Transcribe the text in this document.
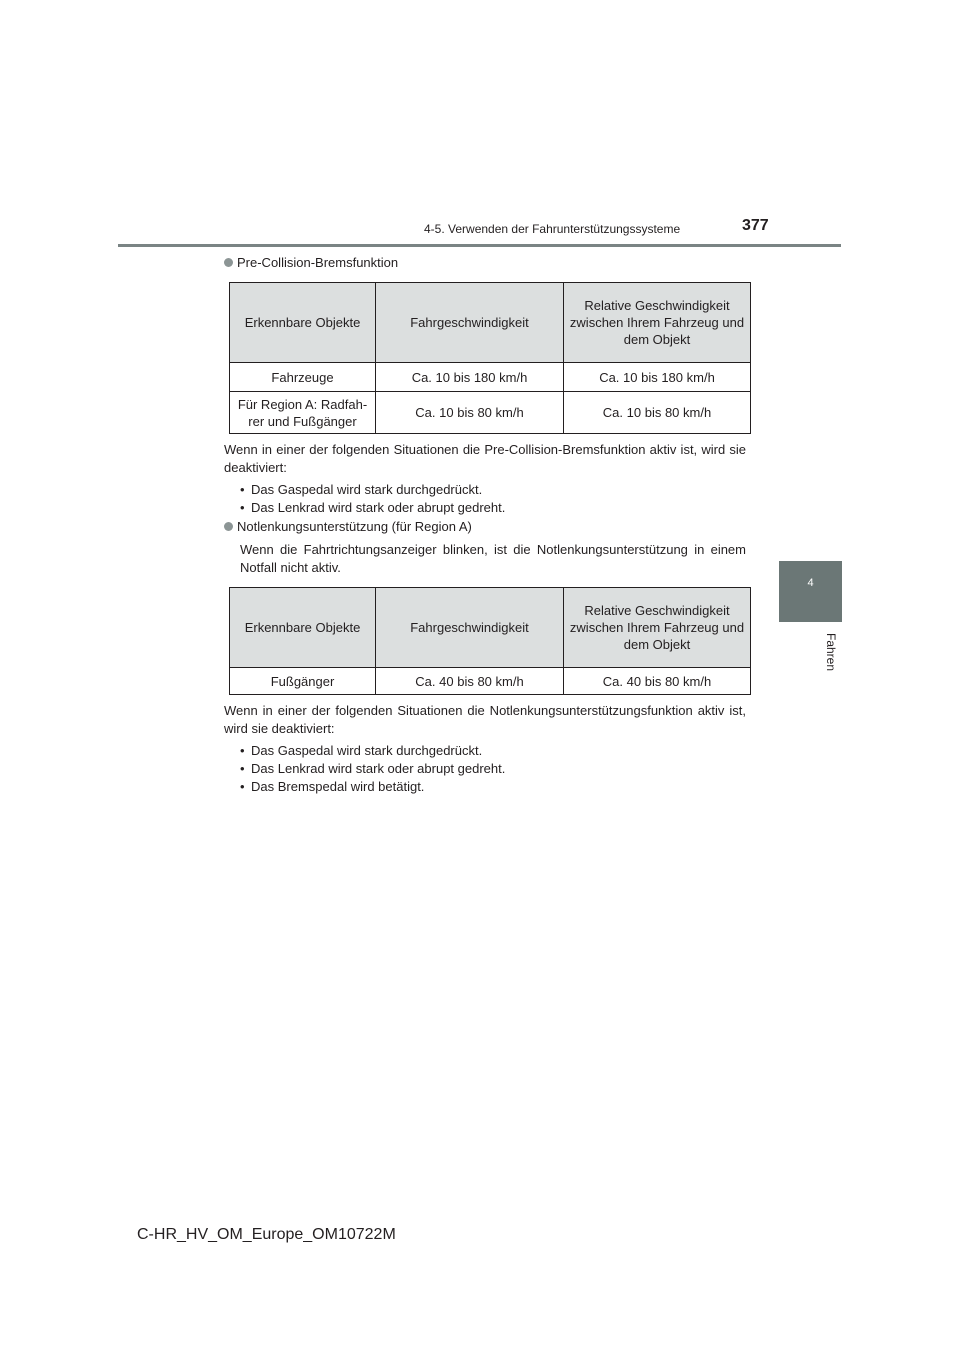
4-5. Verwenden der Fahrunterstützungssysteme	377
4
Fahren
Pre-Collision-Bremsfunktion
Erkennbare Objekte	Fahrgeschwindigkeit	Relative Geschwindigkeit zwischen Ihrem Fahrzeug und dem Objekt
Fahrzeuge	Ca. 10 bis 180 km/h	Ca. 10 bis 180 km/h
Für Region A: Radfah-rer und Fußgänger	Ca. 10 bis 80 km/h	Ca. 10 bis 80 km/h
Wenn in einer der folgenden Situationen die Pre-Collision-Bremsfunktion aktiv ist, wird sie deaktiviert:
• Das Gaspedal wird stark durchgedrückt.
• Das Lenkrad wird stark oder abrupt gedreht.
Notlenkungsunterstützung (für Region A)
Wenn die Fahrtrichtungsanzeiger blinken, ist die Notlenkungsunterstützung in einem Notfall nicht aktiv.
Erkennbare Objekte	Fahrgeschwindigkeit	Relative Geschwindigkeit zwischen Ihrem Fahrzeug und dem Objekt
Fußgänger	Ca. 40 bis 80 km/h	Ca. 40 bis 80 km/h
Wenn in einer der folgenden Situationen die Notlenkungsunterstützungsfunktion aktiv ist, wird sie deaktiviert:
• Das Gaspedal wird stark durchgedrückt.
• Das Lenkrad wird stark oder abrupt gedreht.
• Das Bremspedal wird betätigt.
C-HR_HV_OM_Europe_OM10722M
